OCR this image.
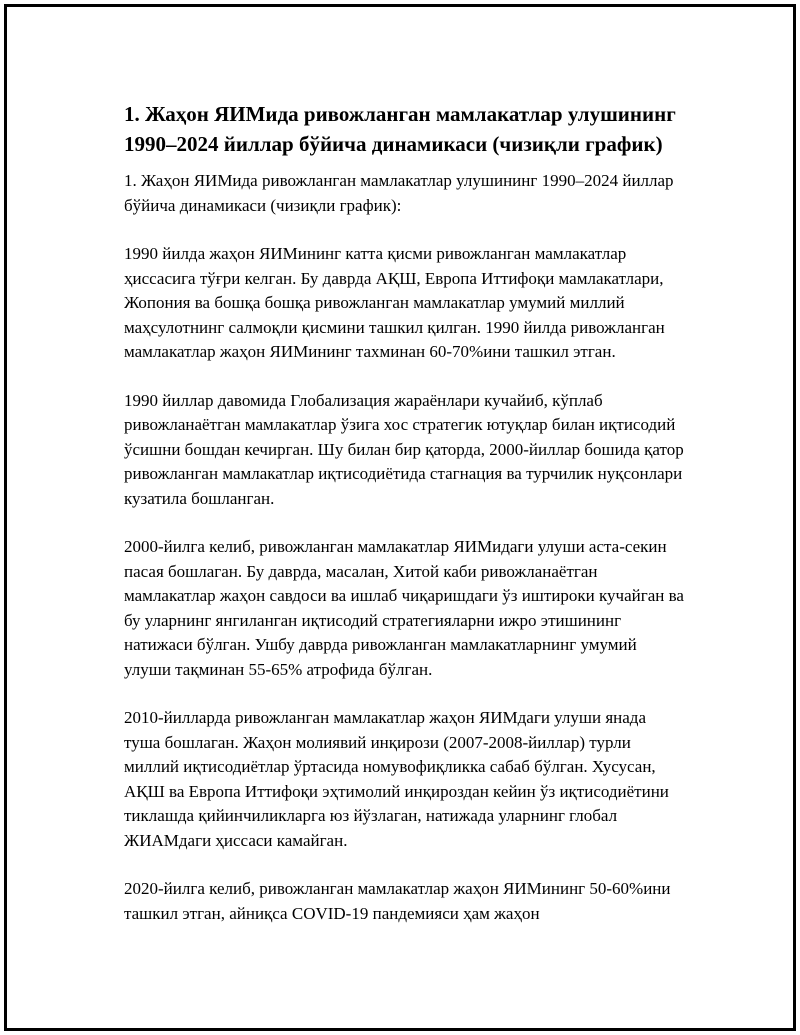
1. Жаҳон ЯИМида ривожланган мамлакатлар улушининг 1990–2024 йиллар бўйича динамикаси (чизиқли график)

1. Жаҳон ЯИМида ривожланган мамлакатлар улушининг 1990–2024 йиллар бўйича динамикаси (чизиқли график):

1990 йилда жаҳон ЯИМининг катта қисми ривожланган мамлакатлар ҳиссасига тўғри келган. Бу даврда АҚШ, Европа Иттифоқи мамлакатлари, Жопония ва бошқа бошқа ривожланган мамлакатлар умумий миллий маҳсулотнинг салмоқли қисмини ташкил қилган. 1990 йилда ривожланган мамлакатлар жаҳон ЯИМининг тахминан 60-70%ини ташкил этган.

1990 йиллар давомида Глобализация жараёнлари кучайиб, кўплаб ривожланаётган мамлакатлар ўзига хос стратегик ютуқлар билан иқтисодий ўсишни бошдан кечирган. Шу билан бир қаторда, 2000-йиллар бошида қатор ривожланган мамлакатлар иқтисодиётида стагнация ва турчилик нуқсонлари кузатила бошланган.

2000-йилга келиб, ривожланган мамлакатлар ЯИМидаги улуши аста-секин пасая бошлаган. Бу даврда, масалан, Хитой каби ривожланаётган мамлакатлар жаҳон савдоси ва ишлаб чиқаришдаги ўз иштироки кучайган ва бу уларнинг янгиланган иқтисодий стратегияларни ижро этишининг натижаси бўлган. Ушбу даврда ривожланган мамлакатларнинг умумий улуши тақминан 55-65% атрофида бўлган.

2010-йилларда ривожланган мамлакатлар жаҳон ЯИМдаги улуши янада туша бошлаган. Жаҳон молиявий инқирози (2007-2008-йиллар) турли миллий иқтисодиётлар ўртасида номувофиқликка сабаб бўлган. Хусусан, АҚШ ва Европа Иттифоқи эҳтимолий инқироздан кейин ўз иқтисодиётини тиклашда қийинчиликларга юз йўзлаган, натижада уларнинг глобал ЖИАМдаги ҳиссаси камайган.

2020-йилга келиб, ривожланган мамлакатлар жаҳон ЯИМининг 50-60%ини ташкил этган, айниқса COVID-19 пандемияси ҳам жаҳон
